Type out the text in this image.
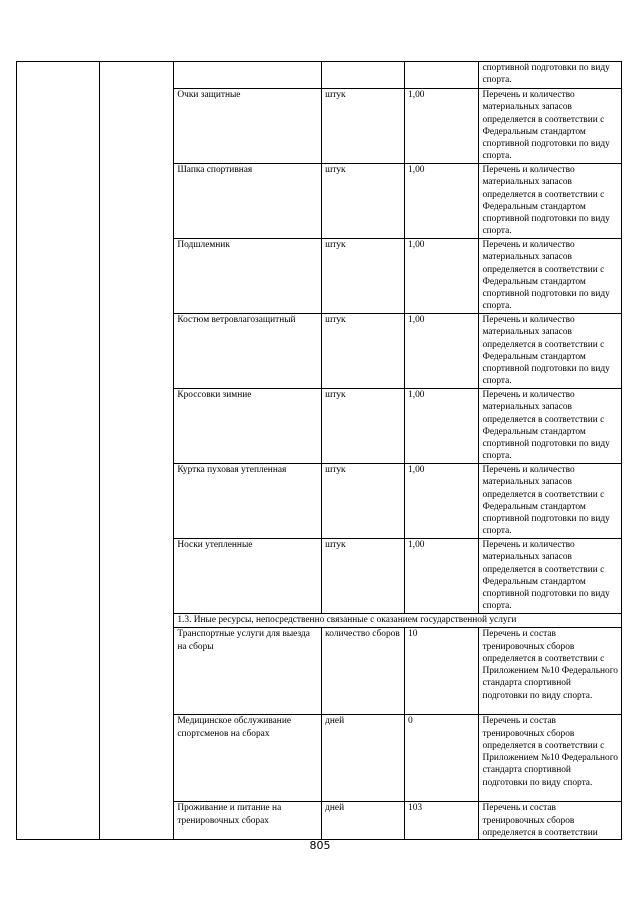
					спортивной подготовки по виду спорта.
		Очки защитные	штук	1,00	Перечень и количество материальных запасов определяется в соответствии с Федеральным стандартом спортивной подготовки по виду спорта.
		Шапка спортивная	штук	1,00	Перечень и количество материальных запасов определяется в соответствии с Федеральным стандартом спортивной подготовки по виду спорта.
		Подшлемник	штук	1,00	Перечень и количество материальных запасов определяется в соответствии с Федеральным стандартом спортивной подготовки по виду спорта.
		Костюм ветровлагозащитный	штук	1,00	Перечень и количество материальных запасов определяется в соответствии с Федеральным стандартом спортивной подготовки по виду спорта.
		Кроссовки зимние	штук	1,00	Перечень и количество материальных запасов определяется в соответствии с Федеральным стандартом спортивной подготовки по виду спорта.
		Куртка пуховая утепленная	штук	1,00	Перечень и количество материальных запасов определяется в соответствии с Федеральным стандартом спортивной подготовки по виду спорта.
		Носки утепленные	штук	1,00	Перечень и количество материальных запасов определяется в соответствии с Федеральным стандартом спортивной подготовки по виду спорта.
		1.3. Иные ресурсы, непосредственно связанные с оказанием государственной услуги			
		Транспортные услуги для выезда на сборы	количество сборов	10	Перечень и состав тренировочных сборов определяется в соответствии с Приложением №10 Федерального стандарта спортивной подготовки по виду спорта.
		Медицинское обслуживание спортсменов на сборах	дней	0	Перечень и состав тренировочных сборов определяется в соответствии с Приложением №10 Федерального стандарта спортивной подготовки по виду спорта.
		Проживание и питание на тренировочных сборах	дней	103	Перечень и состав тренировочных сборов определяется в соответствии
805
